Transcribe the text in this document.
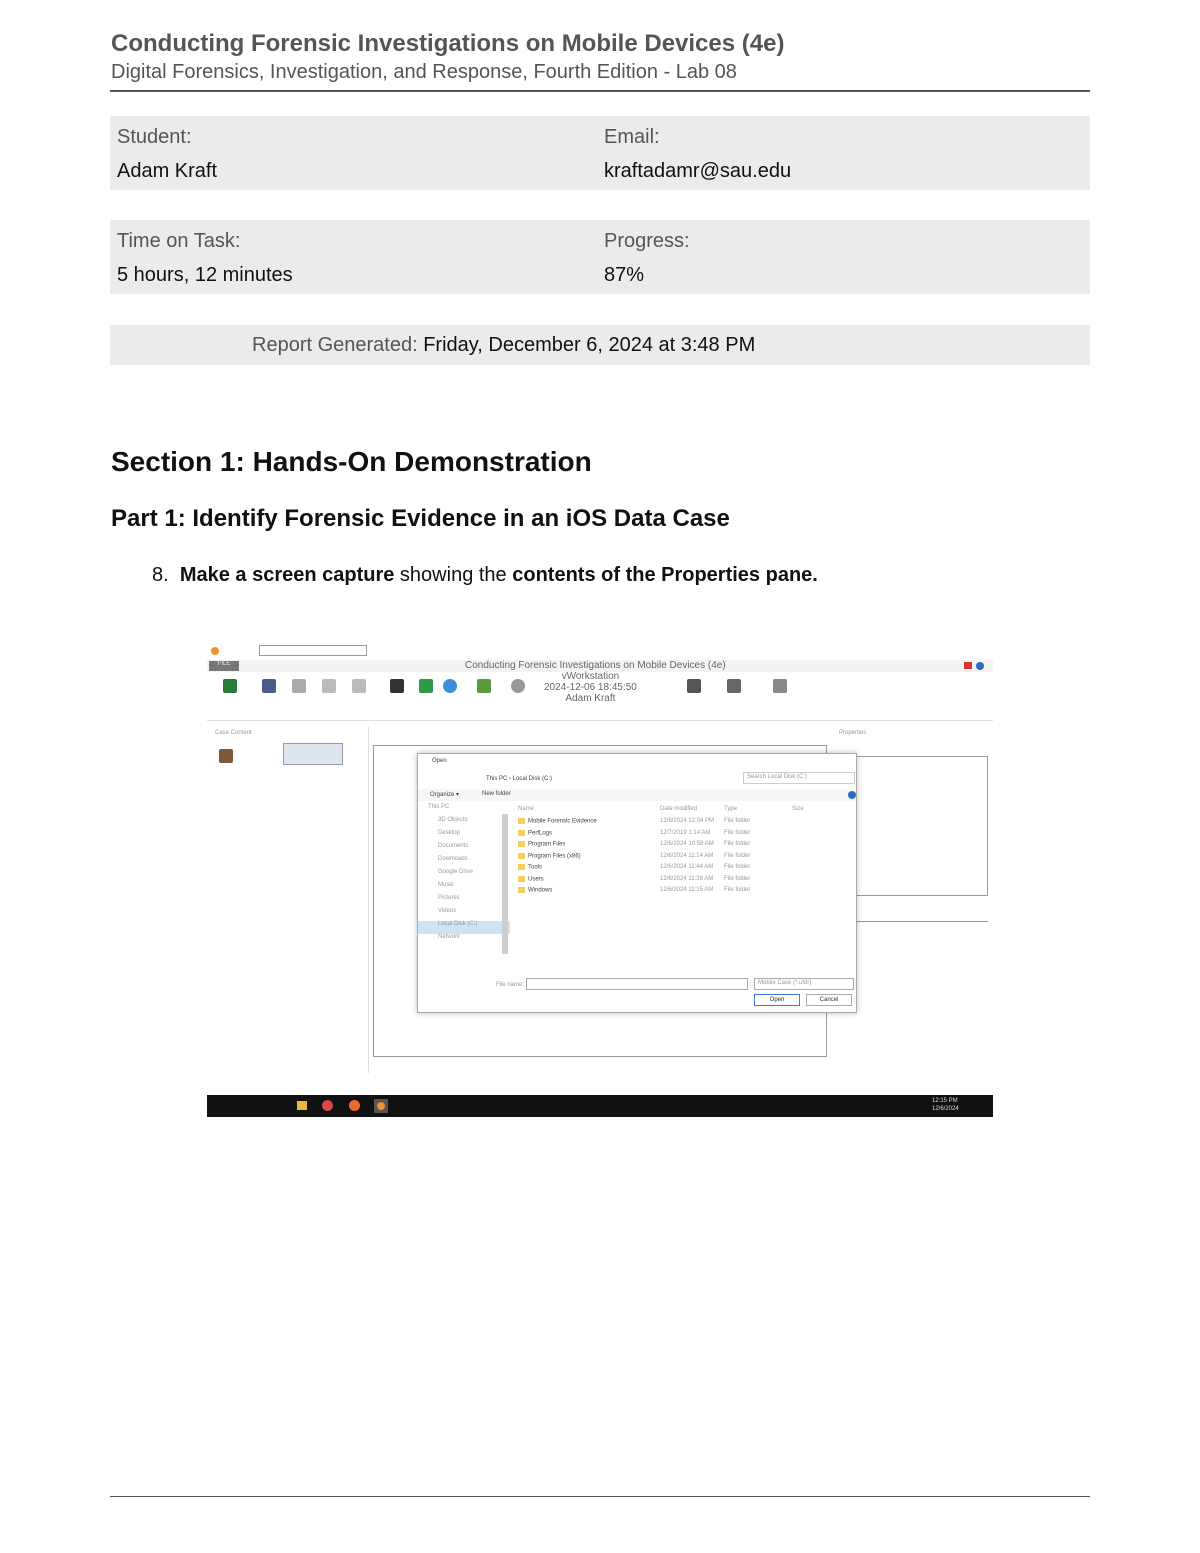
Conducting Forensic Investigations on Mobile Devices (4e)
Digital Forensics, Investigation, and Response, Fourth Edition - Lab 08
Student:
Adam Kraft
Email:
kraftadamr@sau.edu
Time on Task:
5 hours, 12 minutes
Progress:
87%
Report Generated: Friday, December 6, 2024 at 3:48 PM
Section 1: Hands-On Demonstration
Part 1: Identify Forensic Evidence in an iOS Data Case
8. Make a screen capture showing the contents of the Properties pane.
FILE	Conducting Forensic Investigations on Mobile Devices (4e)
vWorkstation
2024-12-06 18:45:50
Adam Kraft
Case Content	Properties
Open
This PC › Local Disk (C:)	Search Local Disk (C:)
Organize ▾	New folder
This PC
3D Objects
Desktop
Documents
Downloads
Google Drive
Music
Pictures
Videos
Local Disk (C:)
Network
Name	Date modified	Type	Size
Mobile Forensic Evidence	12/6/2024 12:04 PM File folder
PerfLogs	12/7/2019 1:14 AM File folder
Program Files	12/6/2024 10:58 AM File folder
Program Files (x86)	12/6/2024 11:14 AM File folder
Tools	12/6/2024 11:44 AM File folder
Users	12/6/2024 11:38 AM File folder
Windows	12/6/2024 11:15 AM File folder
File name:	Mobile Case (*.ufdr)
Open	Cancel
12:15 PM
12/6/2024
